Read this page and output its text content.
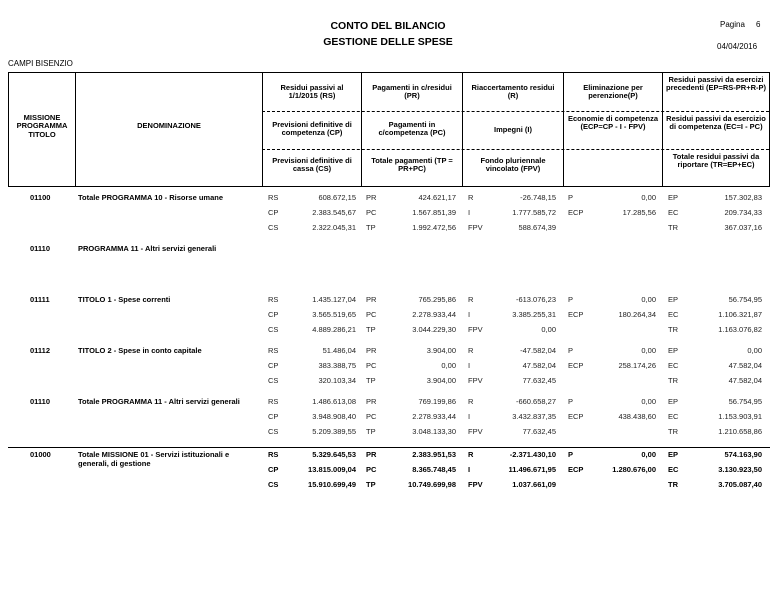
CONTO DEL BILANCIO
GESTIONE DELLE SPESE
Pagina 6
04/04/2016
CAMPI BISENZIO
MISSIONE PROGRAMMA TITOLO
DENOMINAZIONE
Residui passivi al 1/1/2015 (RS)
Previsioni definitive di competenza (CP)
Previsioni definitive di cassa (CS)
Pagamenti in c/residui (PR)
Pagamenti in c/competenza (PC)
Totale pagamenti (TP = PR+PC)
Riaccertamento residui (R)
Impegni (I)
Fondo pluriennale vincolato (FPV)
Eliminazione per perenzione(P)
Economie di competenza (ECP=CP - I - FPV)
Residui passivi da esercizi precedenti (EP=RS-PR+R-P)
Residui passivi da esercizio di competenza (EC=I - PC)
Totale residui passivi da riportare (TR=EP+EC)
01100	Totale PROGRAMMA 10 - Risorse umane	RS	608.672,15 PR	424.621,17 R	-26.748,15 P	0,00 EP	157.302,83
CP	2.383.545,67 PC	1.567.851,39 I	1.777.585,72 ECP	17.285,56 EC	209.734,33
CS	2.322.045,31 TP	1.992.472,56 FPV	588.674,39	TR	367.037,16
01110	PROGRAMMA 11 - Altri servizi generali
01111	TITOLO 1 - Spese correnti	RS	1.435.127,04 PR	765.295,86 R	-613.076,23 P	0,00 EP	56.754,95
CP	3.565.519,65 PC	2.278.933,44 I	3.385.255,31 ECP	180.264,34 EC	1.106.321,87
CS	4.889.286,21 TP	3.044.229,30 FPV	0,00	TR	1.163.076,82
01112	TITOLO 2 - Spese in conto capitale	RS	51.486,04 PR	3.904,00 R	-47.582,04 P	0,00 EP	0,00
CP	383.388,75 PC	0,00 I	47.582,04 ECP	258.174,26 EC	47.582,04
CS	320.103,34 TP	3.904,00 FPV	77.632,45	TR	47.582,04
01110	Totale PROGRAMMA 11 - Altri servizi generali	RS	1.486.613,08 PR	769.199,86 R	-660.658,27 P	0,00 EP	56.754,95
CP	3.948.908,40 PC	2.278.933,44 I	3.432.837,35 ECP	438.438,60 EC	1.153.903,91
CS	5.209.389,55 TP	3.048.133,30 FPV	77.632,45	TR	1.210.658,86
01000	Totale MISSIONE 01 - Servizi istituzionali e generali, di gestione
RS	5.329.645,53 PR	2.383.951,53 R	-2.371.430,10 P	0,00 EP	574.163,90
CP	13.815.009,04 PC	8.365.748,45 I	11.496.671,95 ECP	1.280.676,00 EC	3.130.923,50
CS	15.910.699,49 TP	10.749.699,98 FPV	1.037.661,09	TR	3.705.087,40
